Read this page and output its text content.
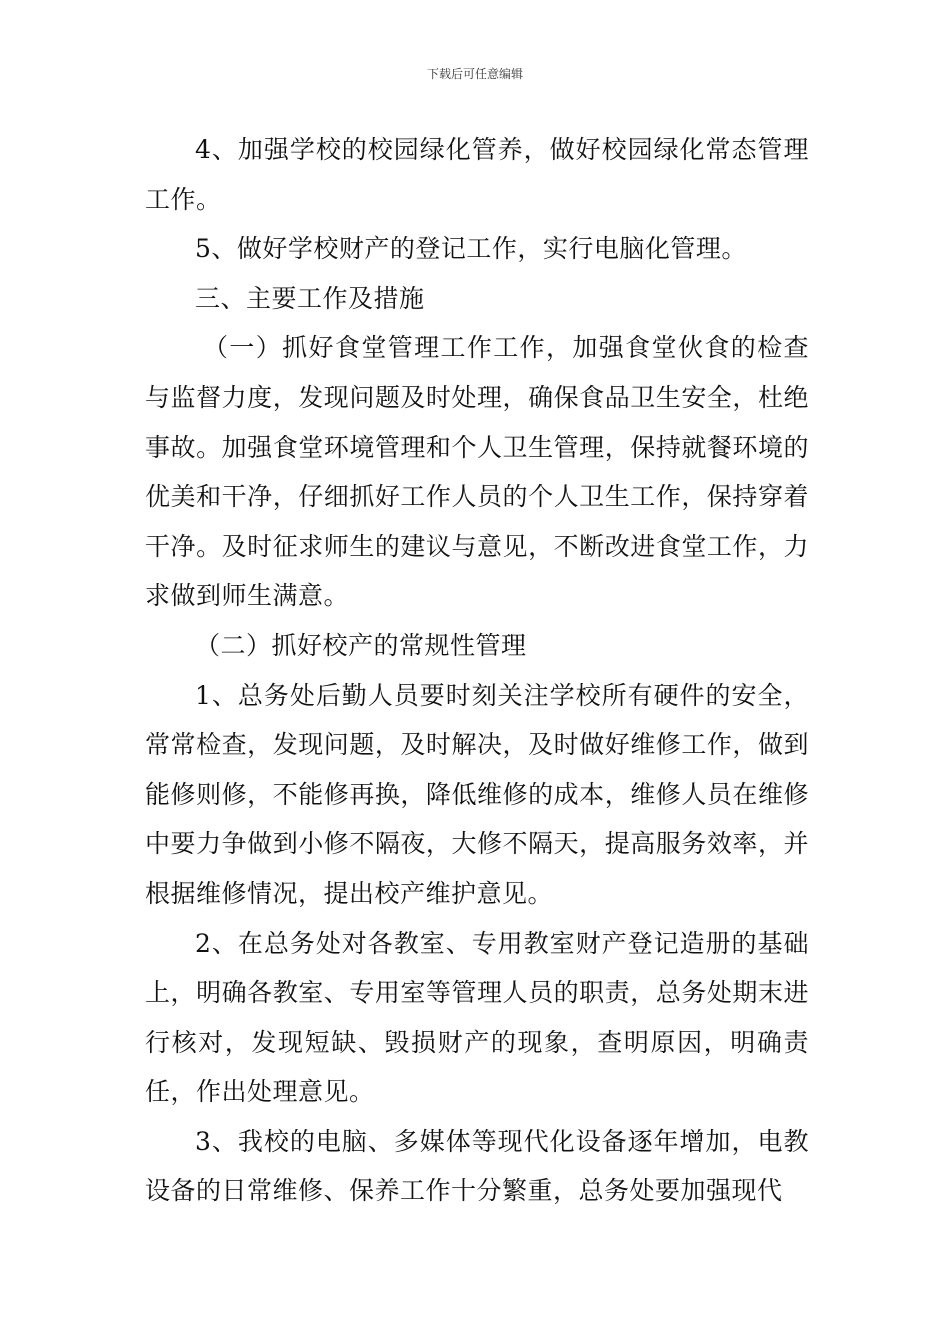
下载后可任意编辑

4、加强学校的校园绿化管养，做好校园绿化常态管理工作。

5、做好学校财产的登记工作，实行电脑化管理。

三、主要工作及措施

（一）抓好食堂管理工作工作，加强食堂伙食的检查与监督力度，发现问题及时处理，确保食品卫生安全，杜绝事故。加强食堂环境管理和个人卫生管理，保持就餐环境的优美和干净，仔细抓好工作人员的个人卫生工作，保持穿着干净。及时征求师生的建议与意见，不断改进食堂工作，力求做到师生满意。

（二）抓好校产的常规性管理

1、总务处后勤人员要时刻关注学校所有硬件的安全，常常检查，发现问题，及时解决，及时做好维修工作，做到能修则修，不能修再换，降低维修的成本，维修人员在维修中要力争做到小修不隔夜，大修不隔天，提高服务效率，并根据维修情况，提出校产维护意见。

2、在总务处对各教室、专用教室财产登记造册的基础上，明确各教室、专用室等管理人员的职责，总务处期末进行核对，发现短缺、毁损财产的现象，查明原因，明确责任，作出处理意见。

3、我校的电脑、多媒体等现代化设备逐年增加，电教设备的日常维修、保养工作十分繁重，总务处要加强现代
